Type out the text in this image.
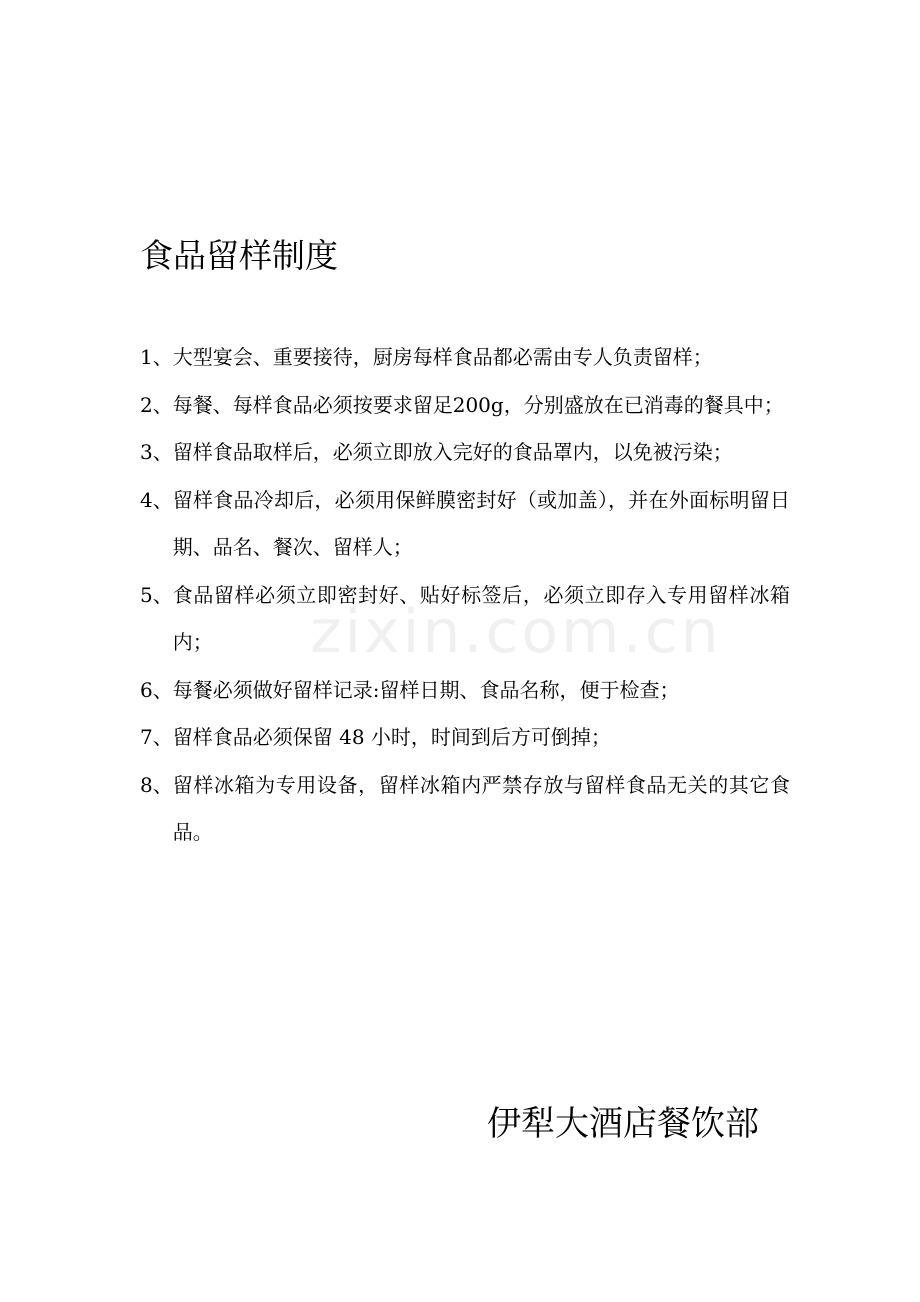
zixin.com.cn
食品留样制度
1、 大型宴会、重要接待，厨房每样食品都必需由专人负责留样；
2、 每餐、每样食品必须按要求留足200g，分别盛放在已消毒的餐具中；
3、 留样食品取样后，必须立即放入完好的食品罩内，以免被污染；
4、 留样食品冷却后，必须用保鲜膜密封好（或加盖），并在外面标明留日期、品名、餐次、留样人；
5、 食品留样必须立即密封好、贴好标签后，必须立即存入专用留样冰箱内；
6、 每餐必须做好留样记录:留样日期、食品名称，便于检查；
7、 留样食品必须保留 48 小时，时间到后方可倒掉；
8、 留样冰箱为专用设备，留样冰箱内严禁存放与留样食品无关的其它食品。
伊犁大酒店餐饮部
